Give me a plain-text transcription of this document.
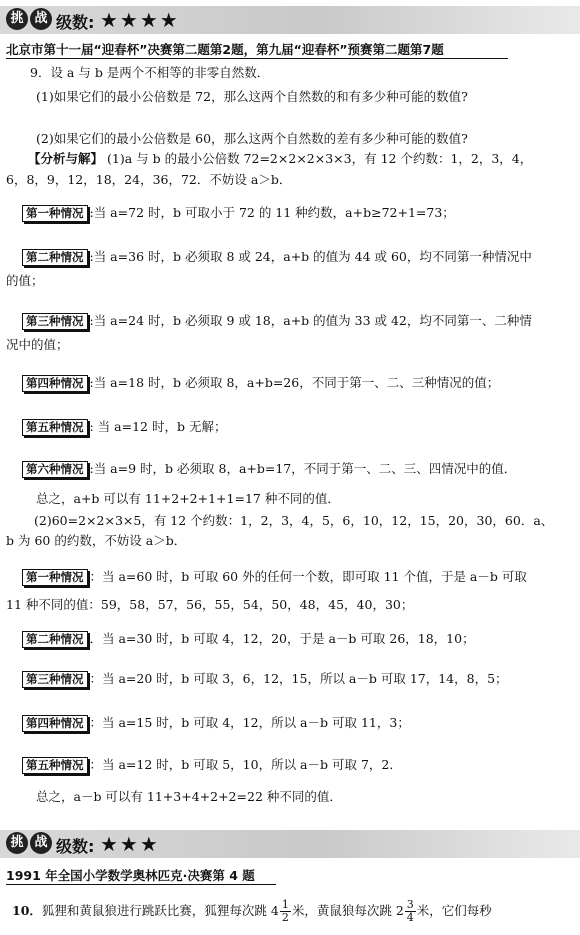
挑 战 级数: ★★★★
北京市第十一届“迎春杯”决赛第二题第2题，第九届“迎春杯”预赛第二题第7题
9．设 a 与 b 是两个不相等的非零自然数．
(1)如果它们的最小公倍数是 72，那么这两个自然数的和有多少种可能的数值?
(2)如果它们的最小公倍数是 60，那么这两个自然数的差有多少种可能的数值?
【分析与解】 (1)a 与 b 的最小公倍数 72=2×2×2×3×3，有 12 个约数：1，2，3，4，
6，8，9，12，18，24，36，72．不妨设 a＞b．
第一种情况 :当 a=72 时，b 可取小于 72 的 11 种约数，a+b≥72+1=73；
第二种情况 :当 a=36 时，b 必须取 8 或 24，a+b 的值为 44 或 60，均不同第一种情况中
的值；
第三种情况 :当 a=24 时，b 必须取 9 或 18，a+b 的值为 33 或 42，均不同第一、二种情
况中的值；
第四种情况 :当 a=18 时，b 必须取 8，a+b=26，不同于第一、二、三种情况的值；
第五种情况 : 当 a=12 时，b 无解；
第六种情况 :当 a=9 时，b 必须取 8，a+b=17，不同于第一、二、三、四情况中的值．
总之，a+b 可以有 11+2+2+1+1=17 种不同的值．
(2)60=2×2×3×5，有 12 个约数：1，2，3，4，5，6，10，12，15，20，30，60．a、
b 为 60 的约数，不妨设 a＞b．
第一种情况 ：当 a=60 时，b 可取 60 外的任何一个数，即可取 11 个值，于是 a－b 可取
11 种不同的值：59，58，57，56，55，54，50，48，45，40，30；
第二种情况 ．当 a=30 时，b 可取 4，12，20，于是 a－b 可取 26，18，10；
第三种情况 ：当 a=20 时，b 可取 3，6，12，15，所以 a－b 可取 17，14，8，5；
第四种情况 ：当 a=15 时，b 可取 4，12，所以 a－b 可取 11，3；
第五种情况 ：当 a=12 时，b 可取 5，10，所以 a－b 可取 7，2．
总之，a－b 可以有 11+3+4+2+2=22 种不同的值．
挑 战 级数: ★★★
1991 年全国小学数学奥林匹克·决赛第 4 题
10．狐狸和黄鼠狼进行跳跃比赛，狐狸每次跳 $4 \frac{1}{2}$ 米，黄鼠狼每次跳 $2 \frac{3}{4}$ 米，它们每秒
